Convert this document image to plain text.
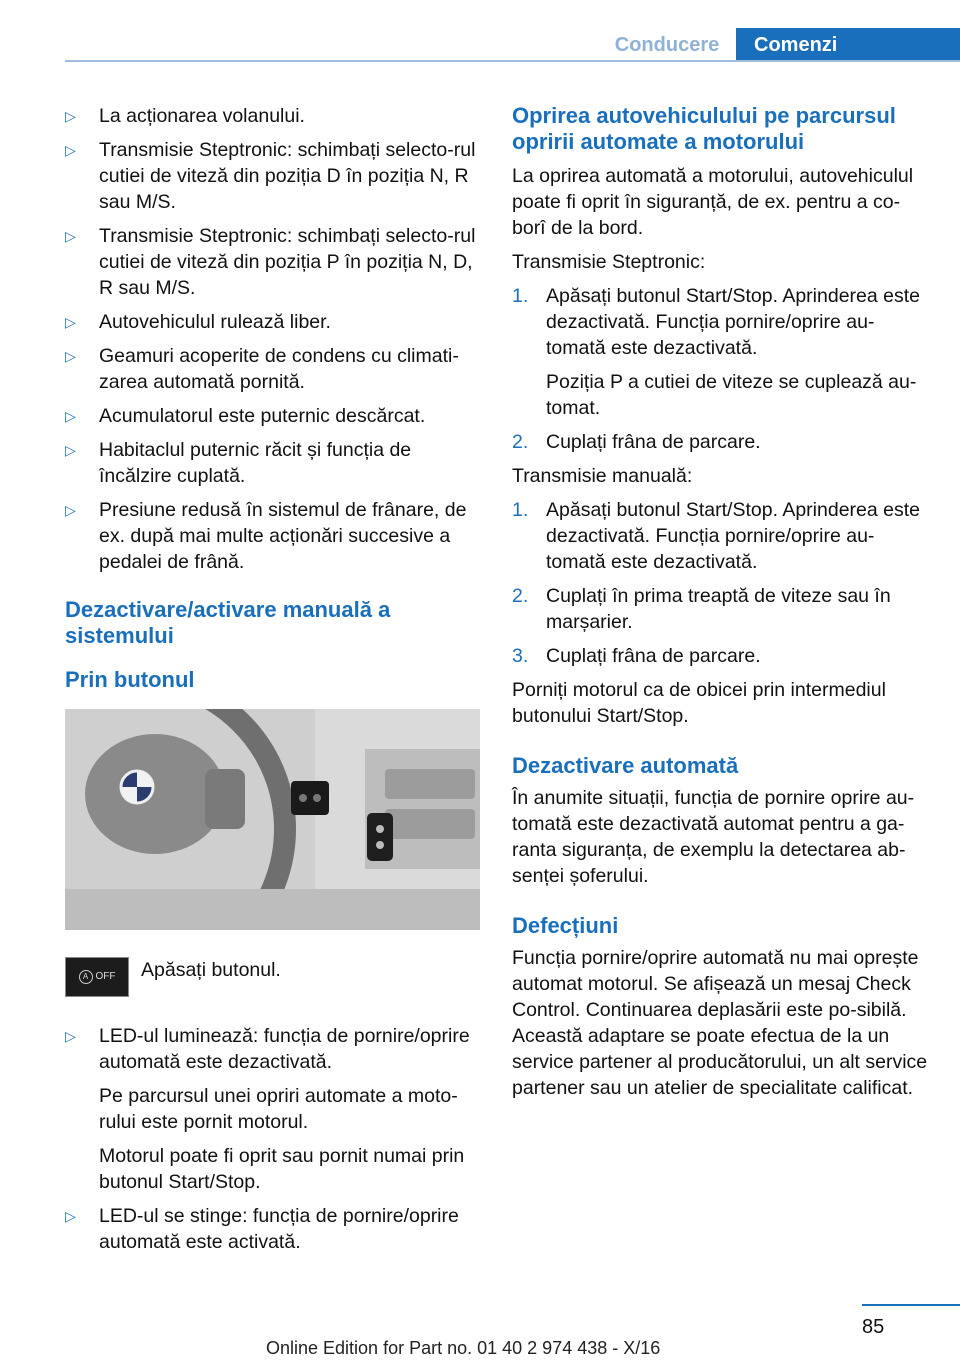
Conducere	Comenzi
▷ La acționarea volanului.

▷ Transmisie Steptronic: schimbați selecto‐rul cutiei de viteză din poziția D în poziția N, R sau M/S.

▷ Transmisie Steptronic: schimbați selecto‐rul cutiei de viteză din poziția P în poziția N, D, R sau M/S.

▷ Autovehiculul rulează liber.

▷ Geamuri acoperite de condens cu climati‐zarea automată pornită.

▷ Acumulatorul este puternic descărcat.

▷ Habitaclul puternic răcit și funcția de încălzire cuplată.

▷ Presiune redusă în sistemul de frânare, de ex. după mai multe acționări succesive a pedalei de frână.

Dezactivare/activare manuală a sistemului
Prin butonul
A OFF Apăsați butonul.
▷ LED-ul luminează: funcția de pornire/oprire automată este dezactivată.

Pe parcursul unei opriri automate a moto‐rului este pornit motorul.

Motorul poate fi oprit sau pornit numai prin butonul Start/Stop.

▷ LED-ul se stinge: funcția de pornire/oprire automată este activată.

Oprirea autovehiculului pe parcursul opririi automate a motorului

La oprirea automată a motorului, autovehiculul poate fi oprit în siguranță, de ex. pentru a co‐borî de la bord.

Transmisie Steptronic:

1. Apăsați butonul Start/Stop. Aprinderea este dezactivată. Funcția pornire/oprire au‐tomată este dezactivată.

Poziția P a cutiei de viteze se cuplează au‐tomat.

2. Cuplați frâna de parcare.

Transmisie manuală:

1. Apăsați butonul Start/Stop. Aprinderea este dezactivată. Funcția pornire/oprire au‐tomată este dezactivată.

2. Cuplați în prima treaptă de viteze sau în marșarier.

3. Cuplați frâna de parcare.

Porniți motorul ca de obicei prin intermediul butonului Start/Stop.

Dezactivare automată

În anumite situații, funcția de pornire oprire au‐tomată este dezactivată automat pentru a ga‐ranta siguranța, de exemplu la detectarea ab‐senței șoferului.

Defecțiuni

Funcția pornire/oprire automată nu mai oprește automat motorul. Se afișează un mesaj Check Control. Continuarea deplasării este po‐sibilă. Această adaptare se poate efectua de la un service partener al producătorului, un alt service partener sau un atelier de specialitate calificat.

85
Online Edition for Part no. 01 40 2 974 438 - X/16
